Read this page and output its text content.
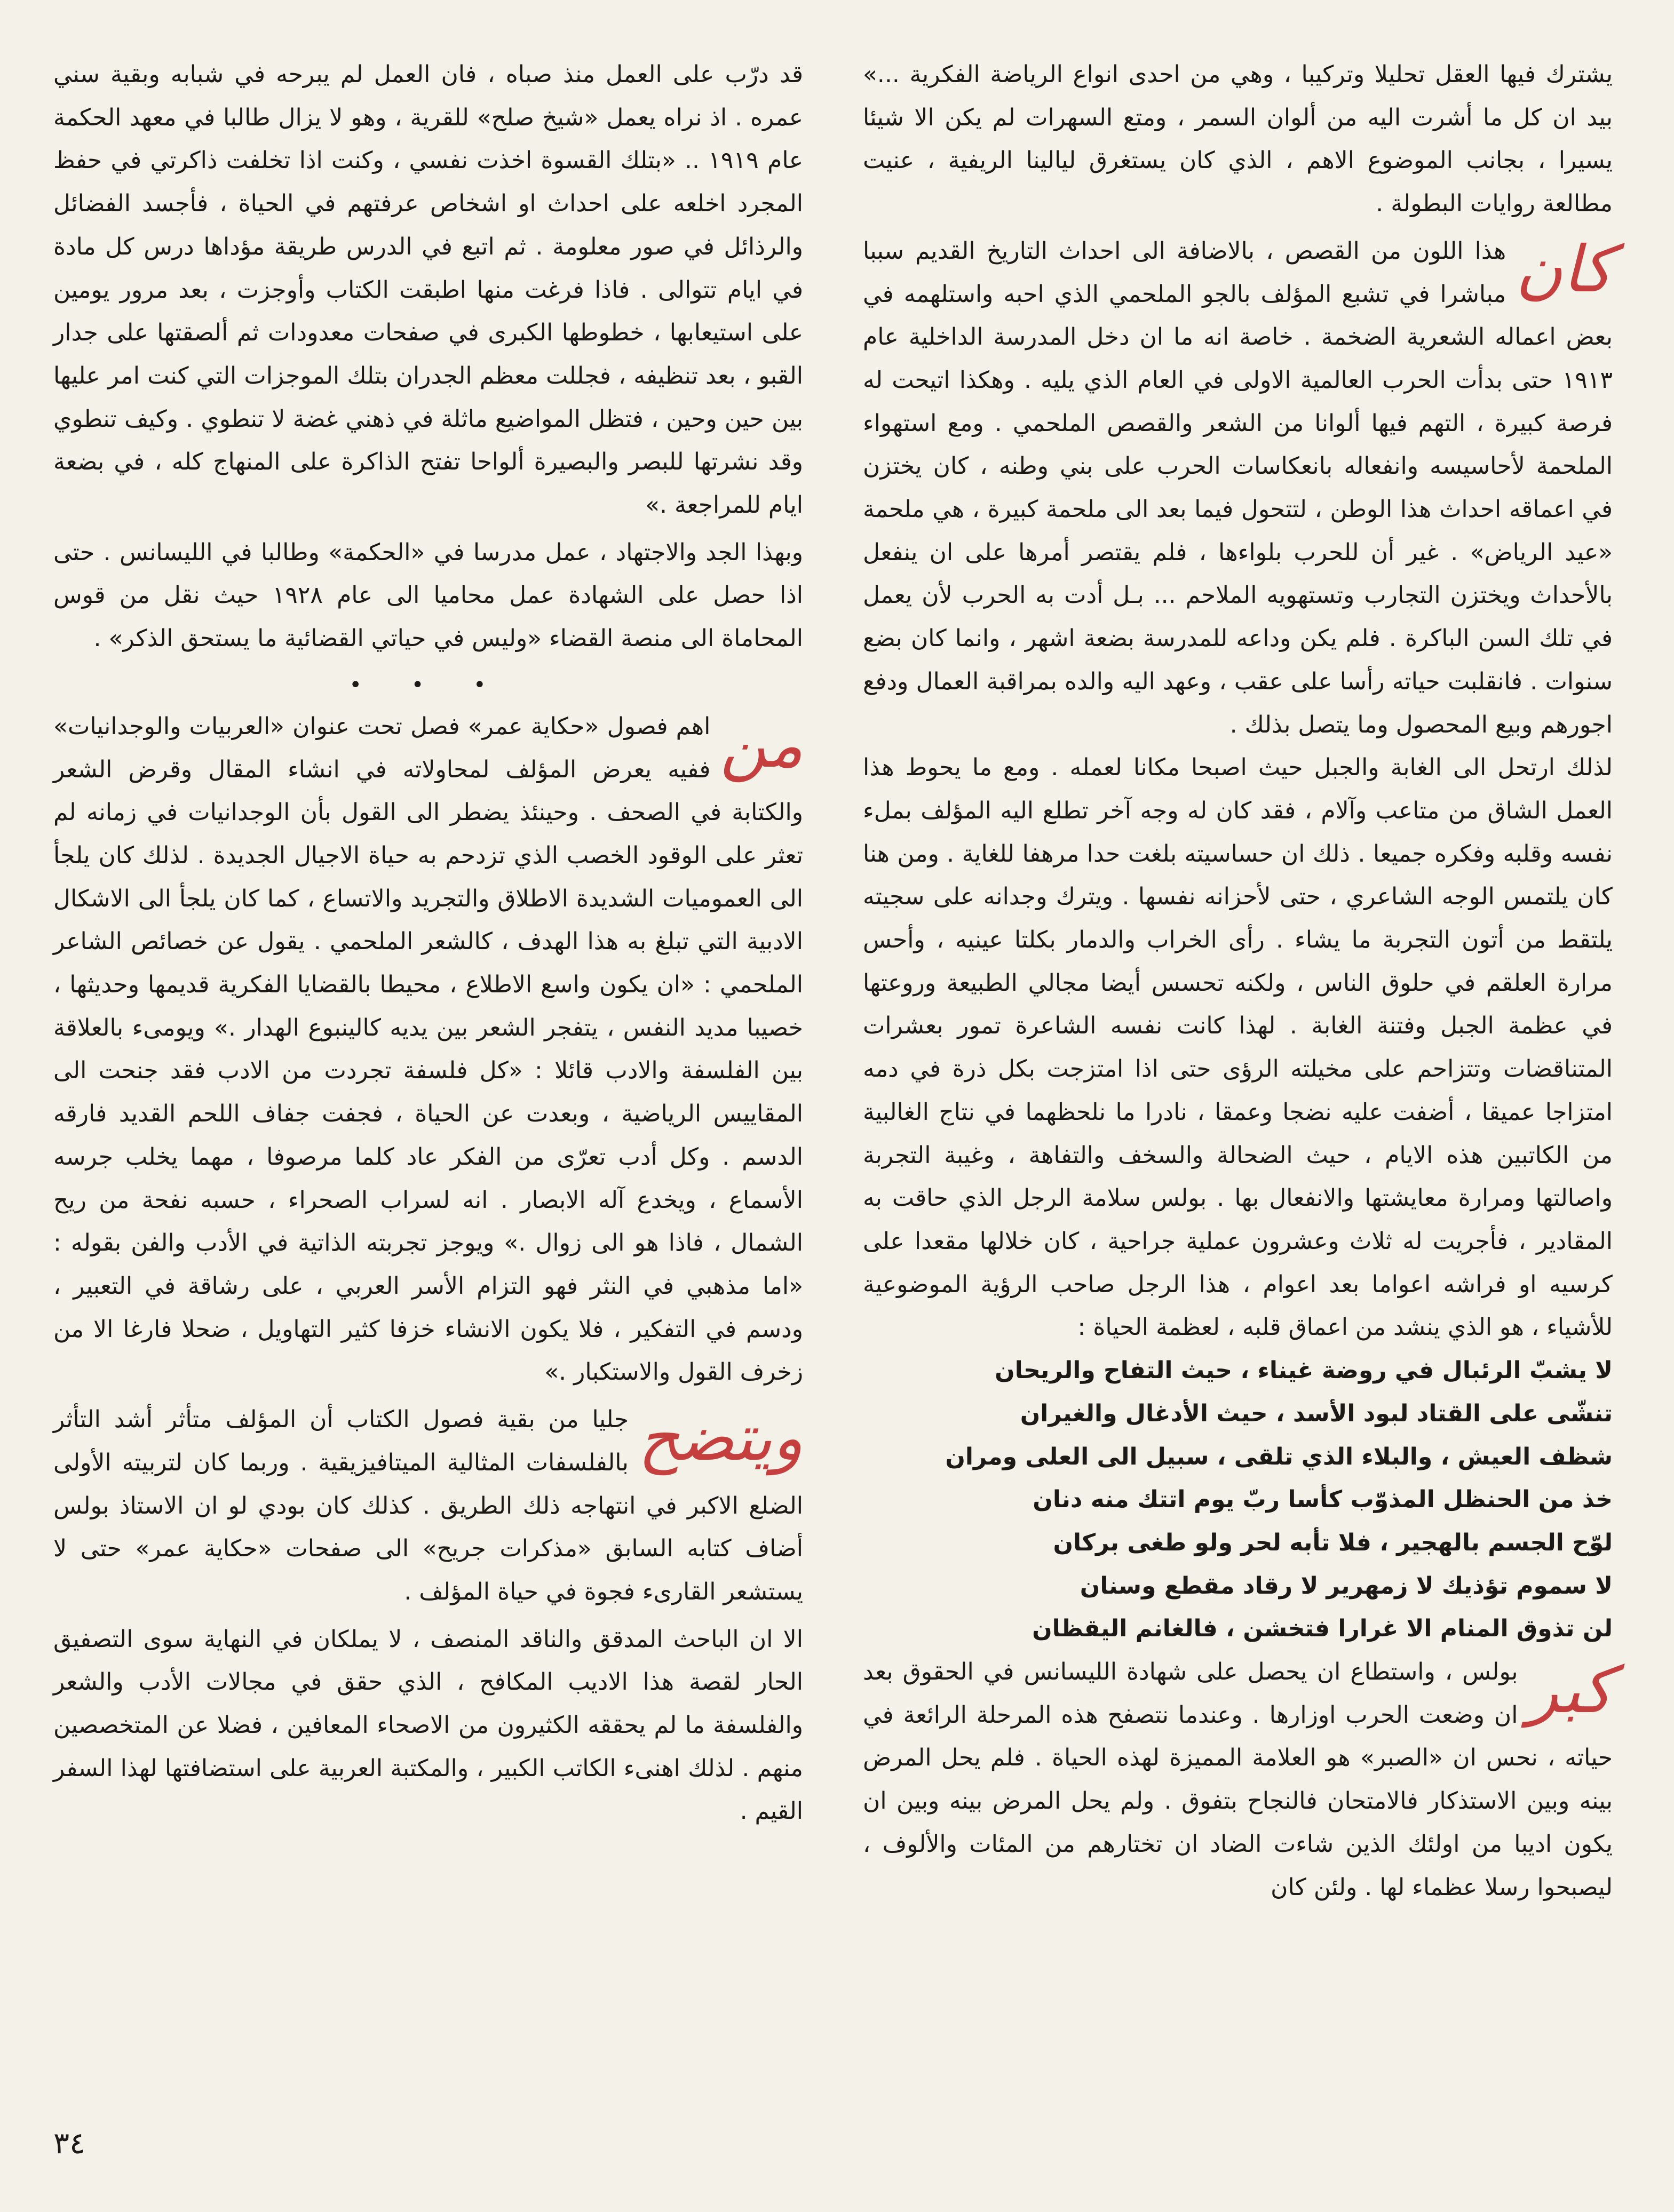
يشترك فيها العقل تحليلا وتركيبا ، وهي من احدى انواع الرياضة الفكرية ...» بيد ان كل ما أشرت اليه من ألوان السمر ، ومتع السهرات لم يكن الا شيئا يسيرا ، بجانب الموضوع الاهم ، الذي كان يستغرق ليالينا الريفية ، عنيت مطالعة روايات البطولة .

كان
هذا اللون من القصص ، بالاضافة الى احداث التاريخ القديم سببا مباشرا في تشبع المؤلف بالجو الملحمي الذي احبه واستلهمه في بعض اعماله الشعرية الضخمة . خاصة انه ما ان دخل المدرسة الداخلية عام ١٩١٣ حتى بدأت الحرب العالمية الاولى في العام الذي يليه . وهكذا اتيحت له فرصة كبيرة ، التهم فيها ألوانا من الشعر والقصص الملحمي . ومع استهواء الملحمة لأحاسيسه وانفعاله بانعكاسات الحرب على بني وطنه ، كان يختزن في اعماقه احداث هذا الوطن ، لتتحول فيما بعد الى ملحمة كبيرة ، هي ملحمة «عيد الرياض» . غير أن للحرب بلواءها ، فلم يقتصر أمرها على ان ينفعل بالأحداث ويختزن التجارب وتستهويه الملاحم ... بـل أدت به الحرب لأن يعمل في تلك السن الباكرة . فلم يكن وداعه للمدرسة بضعة اشهر ، وانما كان بضع سنوات . فانقلبت حياته رأسا على عقب ، وعهد اليه والده بمراقبة العمال ودفع اجورهم وبيع المحصول وما يتصل بذلك .

لذلك ارتحل الى الغابة والجبل حيث اصبحا مكانا لعمله . ومع ما يحوط هذا العمل الشاق من متاعب وآلام ، فقد كان له وجه آخر تطلع اليه المؤلف بملء نفسه وقلبه وفكره جميعا . ذلك ان حساسيته بلغت حدا مرهفا للغاية . ومن هنا كان يلتمس الوجه الشاعري ، حتى لأحزانه نفسها . ويترك وجدانه على سجيته يلتقط من أتون التجربة ما يشاء . رأى الخراب والدمار بكلتا عينيه ، وأحس مرارة العلقم في حلوق الناس ، ولكنه تحسس أيضا مجالي الطبيعة وروعتها في عظمة الجبل وفتنة الغابة . لهذا كانت نفسه الشاعرة تمور بعشرات المتناقضات وتتزاحم على مخيلته الرؤى حتى اذا امتزجت بكل ذرة في دمه امتزاجا عميقا ، أضفت عليه نضجا وعمقا ، نادرا ما نلحظهما في نتاج الغالبية من الكاتبين هذه الايام ، حيث الضحالة والسخف والتفاهة ، وغيبة التجربة واصالتها ومرارة معايشتها والانفعال بها . بولس سلامة الرجل الذي حاقت به المقادير ، فأجريت له ثلاث وعشرون عملية جراحية ، كان خلالها مقعدا على كرسيه او فراشه اعواما بعد اعوام ، هذا الرجل صاحب الرؤية الموضوعية للأشياء ، هو الذي ينشد من اعماق قلبه ، لعظمة الحياة :

لا يشبّ الرئبال في روضة غيناء ، حيث التفاح والريحان
تنشّى على القتاد لبود الأسد ، حيث الأدغال والغيران
شظف العيش ، والبلاء الذي تلقى ، سبيل الى العلى ومران
خذ من الحنظل المذوّب كأسا ربّ يوم اتتك منه دنان
لوّح الجسم بالهجير ، فلا تأبه لحر ولو طغى بركان
لا سموم تؤذيك لا زمهرير لا رقاد مقطع وسنان
لن تذوق المنام الا غرارا فتخشن ، فالغانم اليقظان

كبر
بولس ، واستطاع ان يحصل على شهادة الليسانس في الحقوق بعد ان وضعت الحرب اوزارها . وعندما نتصفح هذه المرحلة الرائعة في حياته ، نحس ان «الصبر» هو العلامة المميزة لهذه الحياة . فلم يحل المرض بينه وبين الاستذكار فالامتحان فالنجاح بتفوق . ولم يحل المرض بينه وبين ان يكون اديبا من اولئك الذين شاءت الضاد ان تختارهم من المئات والألوف ، ليصبحوا رسلا عظماء لها . ولئن كان

قد درّب على العمل منذ صباه ، فان العمل لم يبرحه في شبابه وبقية سني عمره . اذ نراه يعمل «شيخ صلح» للقرية ، وهو لا يزال طالبا في معهد الحكمة عام ١٩١٩ .. «بتلك القسوة اخذت نفسي ، وكنت اذا تخلفت ذاكرتي في حفظ المجرد اخلعه على احداث او اشخاص عرفتهم في الحياة ، فأجسد الفضائل والرذائل في صور معلومة . ثم اتبع في الدرس طريقة مؤداها درس كل مادة في ايام تتوالى . فاذا فرغت منها اطبقت الكتاب وأوجزت ، بعد مرور يومين على استيعابها ، خطوطها الكبرى في صفحات معدودات ثم ألصقتها على جدار القبو ، بعد تنظيفه ، فجللت معظم الجدران بتلك الموجزات التي كنت امر عليها بين حين وحين ، فتظل المواضيع ماثلة في ذهني غضة لا تنطوي . وكيف تنطوي وقد نشرتها للبصر والبصيرة ألواحا تفتح الذاكرة على المنهاج كله ، في بضعة ايام للمراجعة .»

وبهذا الجد والاجتهاد ، عمل مدرسا في «الحكمة» وطالبا في الليسانس . حتى اذا حصل على الشهادة عمل محاميا الى عام ١٩٢٨ حيث نقل من قوس المحاماة الى منصة القضاء «وليس في حياتي القضائية ما يستحق الذكر» .

• • •

من
اهم فصول «حكاية عمر» فصل تحت عنوان «العربيات والوجدانيات» ففيه يعرض المؤلف لمحاولاته في انشاء المقال وقرض الشعر والكتابة في الصحف . وحينئذ يضطر الى القول بأن الوجدانيات في زمانه لم تعثر على الوقود الخصب الذي تزدحم به حياة الاجيال الجديدة . لذلك كان يلجأ الى العموميات الشديدة الاطلاق والتجريد والاتساع ، كما كان يلجأ الى الاشكال الادبية التي تبلغ به هذا الهدف ، كالشعر الملحمي . يقول عن خصائص الشاعر الملحمي : «ان يكون واسع الاطلاع ، محيطا بالقضايا الفكرية قديمها وحديثها ، خصيبا مديد النفس ، يتفجر الشعر بين يديه كالينبوع الهدار .» ويومىء بالعلاقة بين الفلسفة والادب قائلا : «كل فلسفة تجردت من الادب فقد جنحت الى المقاييس الرياضية ، وبعدت عن الحياة ، فجفت جفاف اللحم القديد فارقه الدسم . وكل أدب تعرّى من الفكر عاد كلما مرصوفا ، مهما يخلب جرسه الأسماع ، ويخدع آله الابصار . انه لسراب الصحراء ، حسبه نفحة من ريح الشمال ، فاذا هو الى زوال .» ويوجز تجربته الذاتية في الأدب والفن بقوله : «اما مذهبي في النثر فهو التزام الأسر العربي ، على رشاقة في التعبير ، ودسم في التفكير ، فلا يكون الانشاء خزفا كثير التهاويل ، ضحلا فارغا الا من زخرف القول والاستكبار .»

ويتضح
جليا من بقية فصول الكتاب أن المؤلف متأثر أشد التأثر بالفلسفات المثالية الميتافيزيقية . وربما كان لتربيته الأولى الضلع الاكبر في انتهاجه ذلك الطريق . كذلك كان بودي لو ان الاستاذ بولس أضاف كتابه السابق «مذكرات جريح» الى صفحات «حكاية عمر» حتى لا يستشعر القارىء فجوة في حياة المؤلف .

الا ان الباحث المدقق والناقد المنصف ، لا يملكان في النهاية سوى التصفيق الحار لقصة هذا الاديب المكافح ، الذي حقق في مجالات الأدب والشعر والفلسفة ما لم يحققه الكثيرون من الاصحاء المعافين ، فضلا عن المتخصصين منهم . لذلك اهنىء الكاتب الكبير ، والمكتبة العربية على استضافتها لهذا السفر القيم .

٣٤
